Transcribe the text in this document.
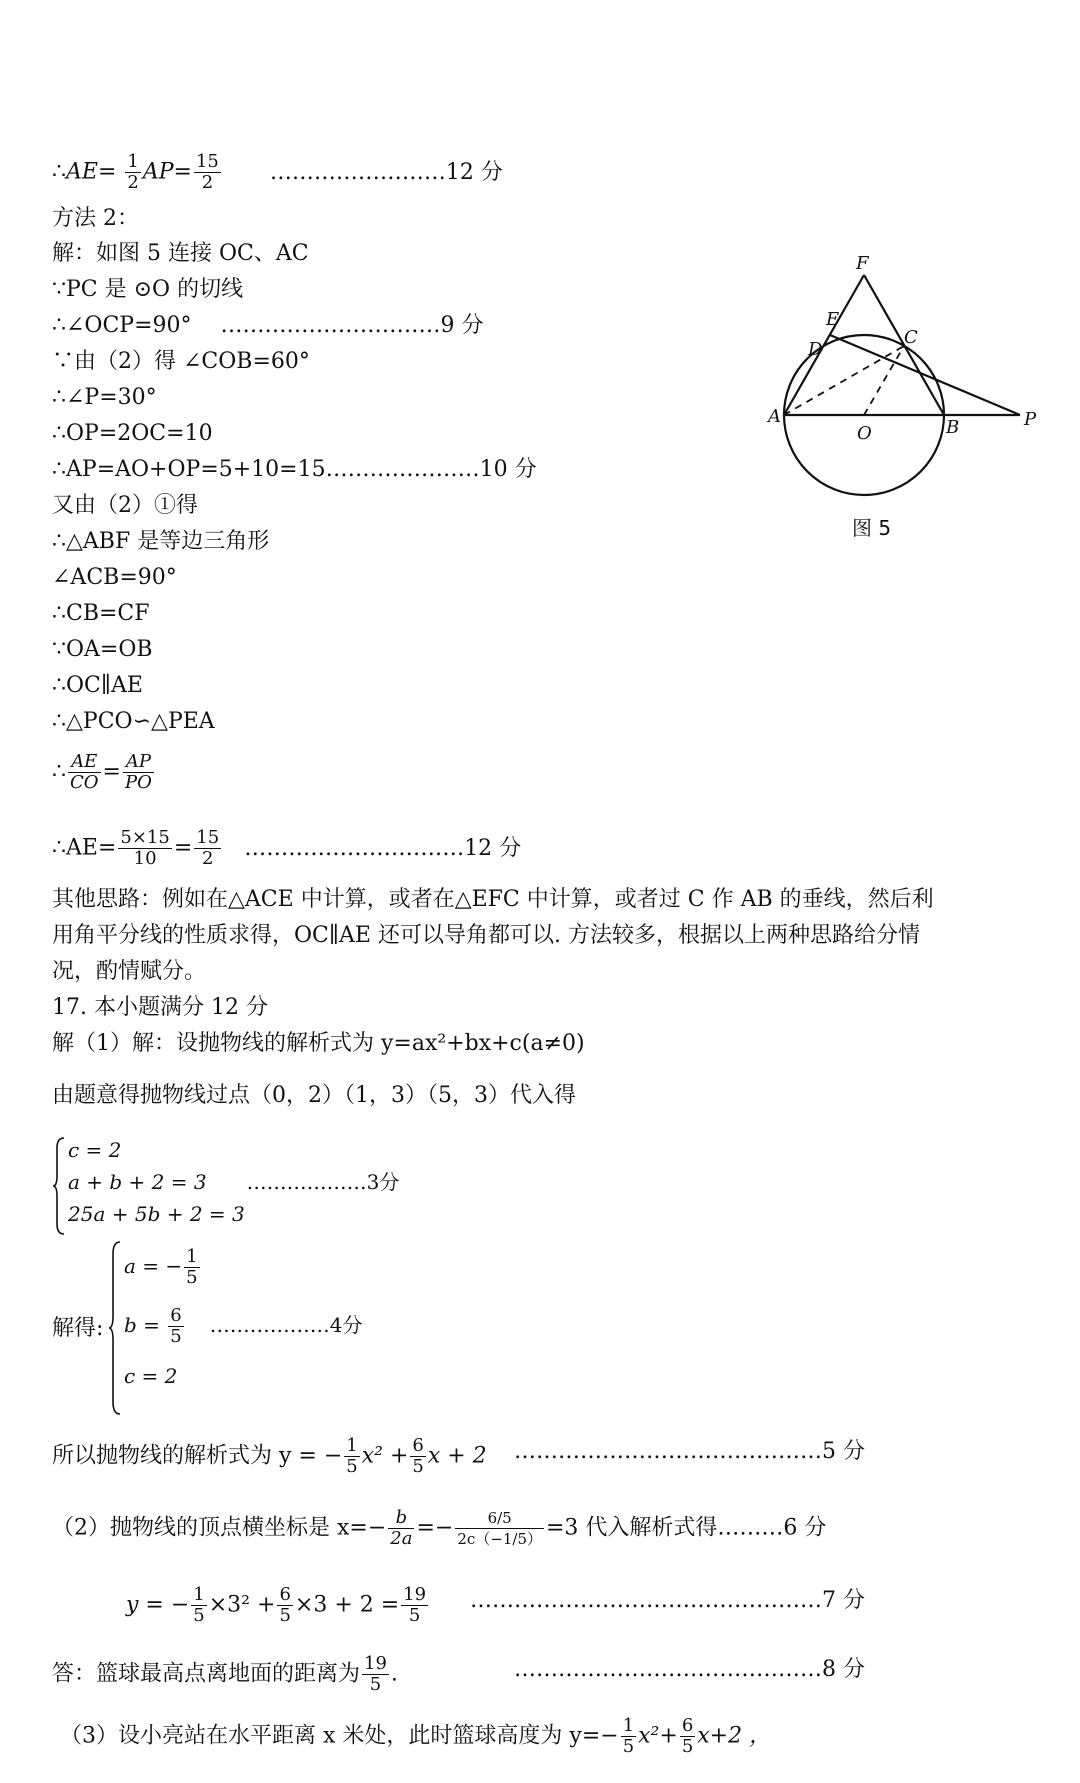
∴AE= $\frac{1}{2} AP= \frac{15}{2}$ ……………………12 分
方法 2：
解：如图 5 连接 OC、AC
∵PC 是 ⊙O 的切线
∴∠OCP=90° …………………………9 分
∵由（2）得 ∠COB=60°
∴∠P=30°
∴OP=2OC=10
∴AP=AO+OP=5+10=15…………………10 分
又由（2）①得
∴△ABF 是等边三角形
∠ACB=90°
∴CB=CF
∵OA=OB
∴OC∥AE
∴△PCO∽△PEA
∴ $\frac{AE}{CO} = \frac{AP}{PO}$
∴AE= $\frac{5\times 15}{10} = \frac{15}{2}$ …………………………12 分
其他思路：例如在△ACE 中计算，或者在△EFC 中计算，或者过 C 作 AB 的垂线，然后利
用角平分线的性质求得，OC∥AE 还可以导角都可以. 方法较多，根据以上两种思路给分情
况，酌情赋分。
17. 本小题满分 12 分
解（1）解：设抛物线的解析式为 y=ax²+bx+c(a≠0)
由题意得抛物线过点（0，2）（1，3）（5，3）代入得
c = 2
a + b + 2 = 3 ………………3分
25a + 5b + 2 = 3
解得:
a = − $\frac{1}{5}$
$b = \frac{6}{5}$ ………………4分
c = 2
所以抛物线的解析式为 y = − $\frac{1}{5} x^2 + \frac{6}{5}$ x + 2 ……………………………………5 分
（2）抛物线的顶点横坐标是 $x=- \frac{b}{2a} =- \frac{6/5}{2c(-1/5)} =3$ 代入解析式得………6 分
y = − $\frac{1}{5} \times 3^2 + \frac{6}{5} \times 3 + 2 = \frac{19}{5}$ …………………………………………7 分
答：篮球最高点离地面的距离为 $\frac{19}{5}$ .	……………………………………8 分
（3）设小亮站在水平距离 x 米处，此时篮球高度为 $y=- \frac{1}{5} x^2+ \frac{6}{5} x+2$ ，
F
E
D
C
A
O	B	P
图 5
